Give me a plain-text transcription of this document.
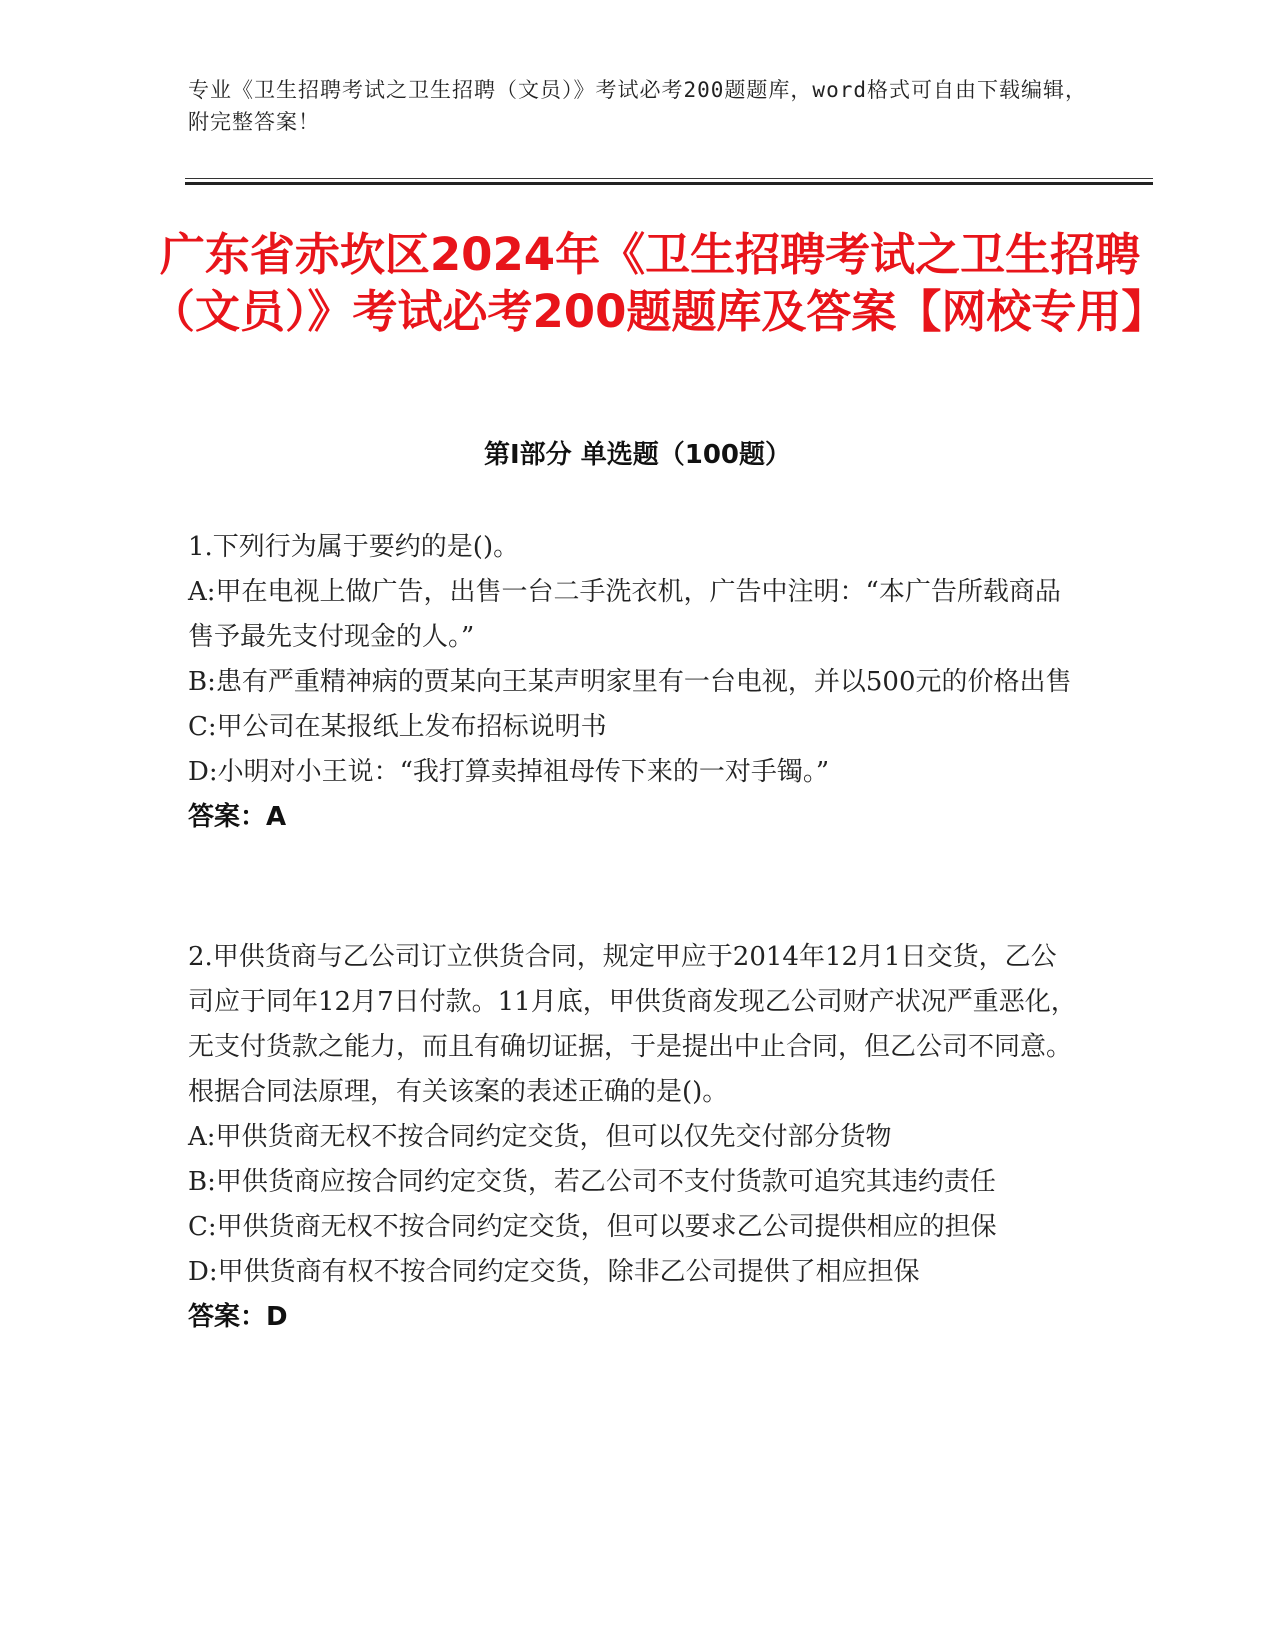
专业《卫生招聘考试之卫生招聘（文员）》考试必考200题题库，word格式可自由下载编辑，附完整答案！
广东省赤坎区2024年《卫生招聘考试之卫生招聘（文员）》考试必考200题题库及答案【网校专用】
第Ⅰ部分 单选题（100题）
1.下列行为属于要约的是()。
A:甲在电视上做广告，出售一台二手洗衣机，广告中注明：“本广告所载商品售予最先支付现金的人。”
B:患有严重精神病的贾某向王某声明家里有一台电视，并以500元的价格出售
C:甲公司在某报纸上发布招标说明书
D:小明对小王说：“我打算卖掉祖母传下来的一对手镯。”
答案：A
2.甲供货商与乙公司订立供货合同，规定甲应于2014年12月1日交货，乙公司应于同年12月7日付款。11月底，甲供货商发现乙公司财产状况严重恶化，无支付货款之能力，而且有确切证据，于是提出中止合同，但乙公司不同意。根据合同法原理，有关该案的表述正确的是()。
A:甲供货商无权不按合同约定交货，但可以仅先交付部分货物
B:甲供货商应按合同约定交货，若乙公司不支付货款可追究其违约责任
C:甲供货商无权不按合同约定交货，但可以要求乙公司提供相应的担保
D:甲供货商有权不按合同约定交货，除非乙公司提供了相应担保
答案：D
